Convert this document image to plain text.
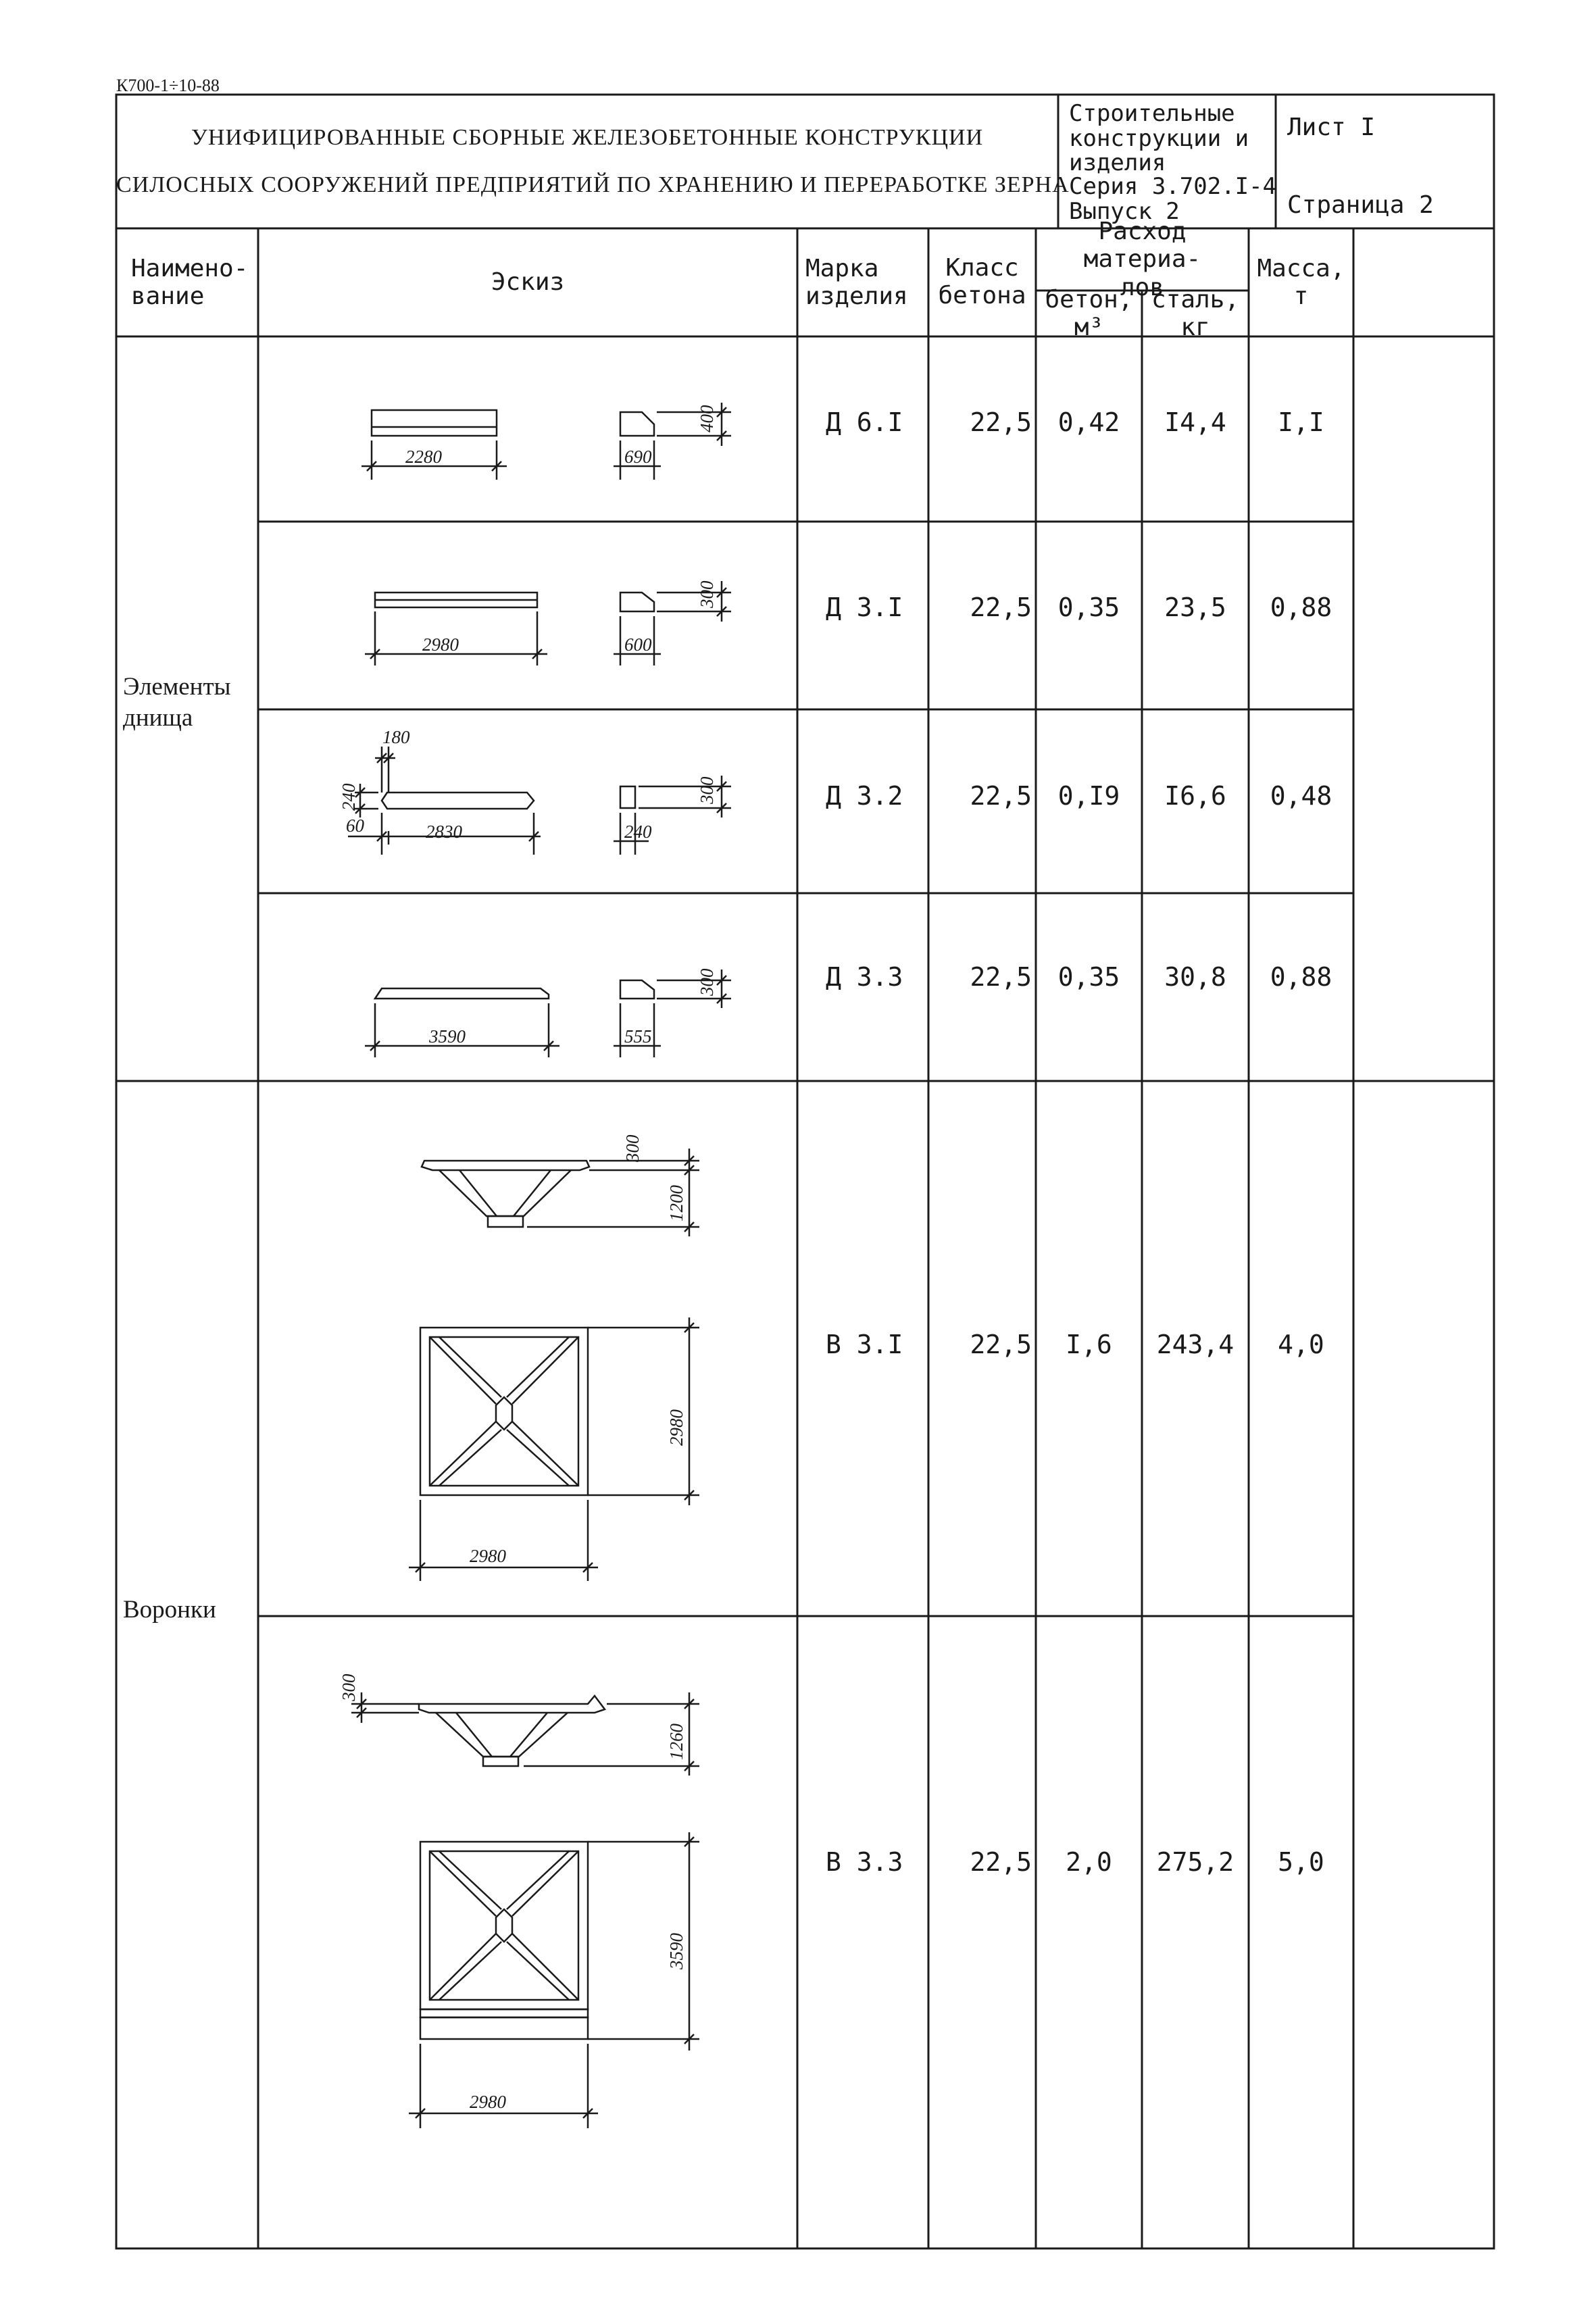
К700-1÷10-88
УНИФИЦИРОВАННЫЕ СБОРНЫЕ ЖЕЛЕЗОБЕТОННЫЕ КОНСТРУКЦИИ
СИЛОСНЫХ СООРУЖЕНИЙ ПРЕДПРИЯТИЙ ПО ХРАНЕНИЮ И ПЕРЕРАБОТКЕ ЗЕРНА
Строительные
конструкции и
изделия
Серия 3.702.I-4
Выпуск 2
Лист I
Страница 2
Наимено-
вание
Эскиз
Марка
изделия
Класс
бетона
Расход материа-
лов
бетон,
м³
сталь,
кг
Масса,
т
Элементы
днища
Воронки
Д 6.I	22,5	0,42	I4,4	I,I
Д 3.I	22,5	0,35	23,5	0,88
Д 3.2	22,5	0,I9	I6,6	0,48
Д 3.3	22,5	0,35	30,8	0,88
В 3.I	22,5	I,6	243,4	4,0
В 3.3	22,5	2,0	275,2	5,0
2280	690
400
2980	600
300
180
240
60	2830	240
300
3590	555
300
300
1200
2980
2980
300
1260
3590
2980
